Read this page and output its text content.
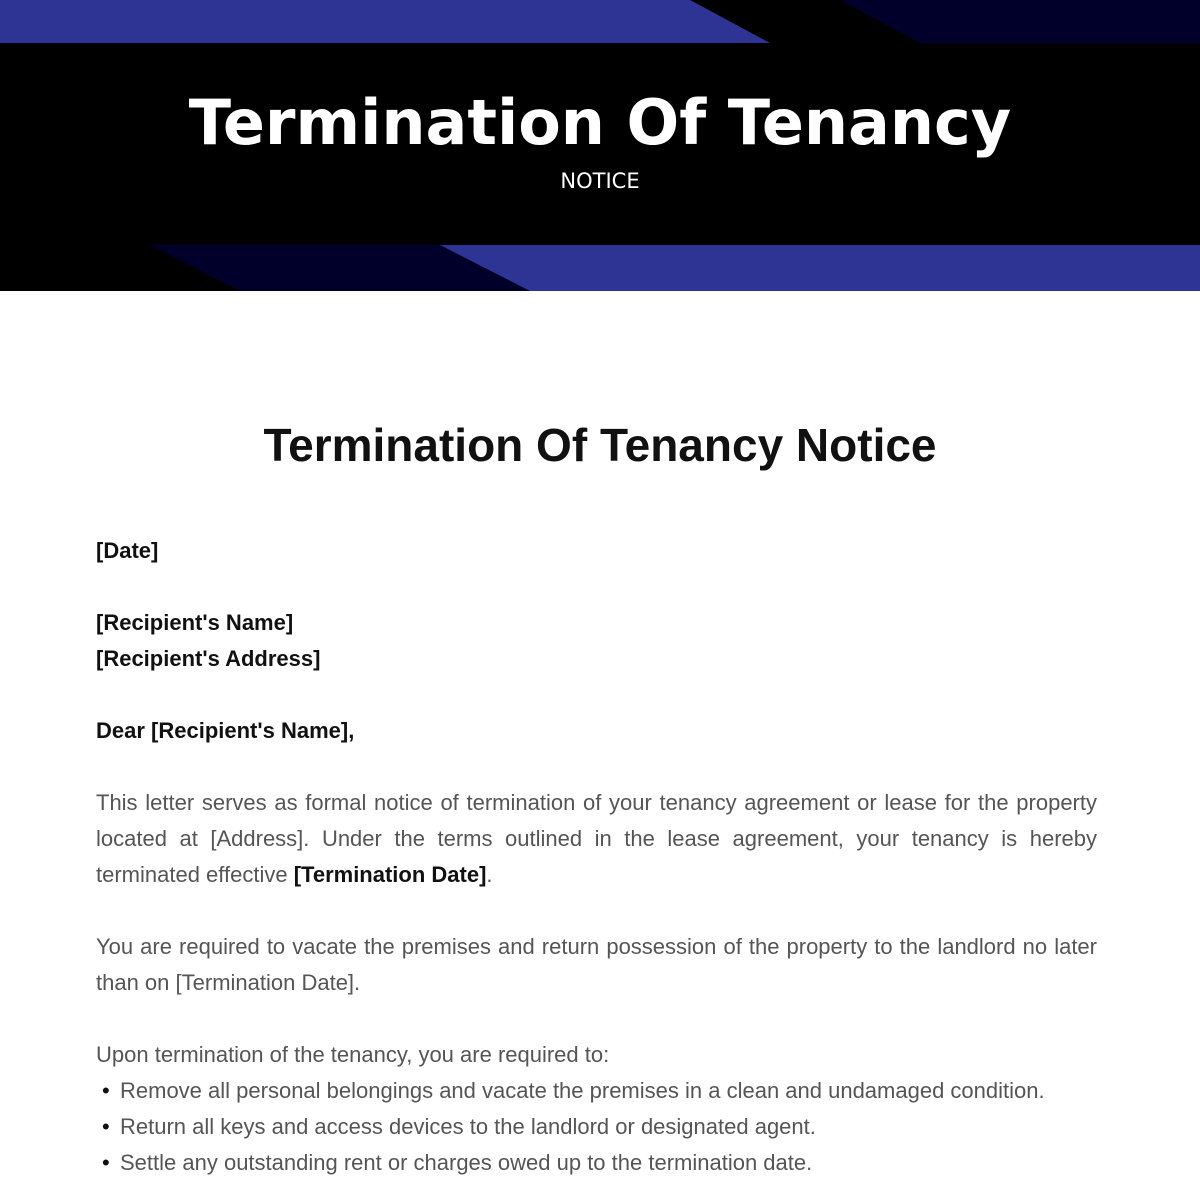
Termination Of Tenancy
NOTICE
Termination Of Tenancy Notice
[Date]
[Recipient's Name]
[Recipient's Address]
Dear [Recipient's Name],

This letter serves as formal notice of termination of your tenancy agreement or lease for the property located at [Address]. Under the terms outlined in the lease agreement, your tenancy is hereby terminated effective [Termination Date].

You are required to vacate the premises and return possession of the property to the landlord no later than on [Termination Date].

Upon termination of the tenancy, you are required to:

• Remove all personal belongings and vacate the premises in a clean and undamaged condition.
• Return all keys and access devices to the landlord or designated agent.
• Settle any outstanding rent or charges owed up to the termination date.
